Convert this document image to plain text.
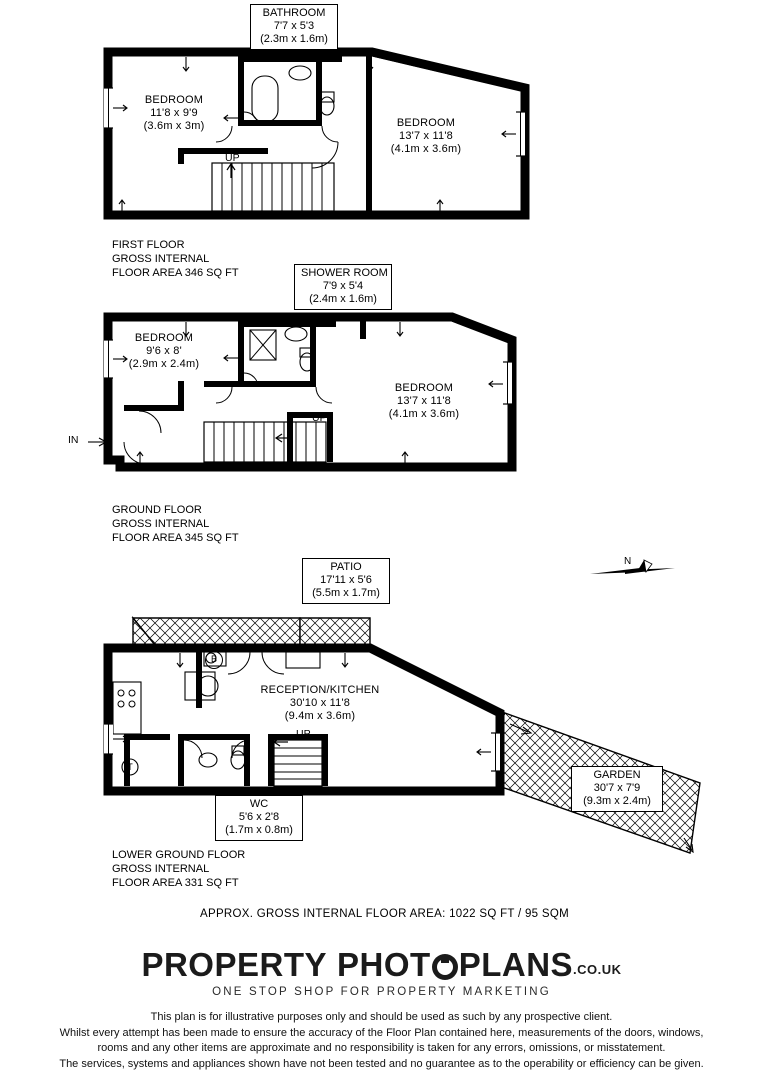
BATHROOM
7'7 x 5'3
(2.3m x 1.6m)
BEDROOM
11'8 x 9'9
(3.6m x 3m)	BEDROOM
13'7 x 11'8
(4.1m x 3.6m)
UP
FIRST FLOOR
GROSS INTERNAL
FLOOR AREA 346 SQ FT	SHOWER ROOM
7'9 x 5'4
(2.4m x 1.6m)
BEDROOM
9'6 x 8'
(2.9m x 2.4m)
BEDROOM
13'7 x 11'8
(4.1m x 3.6m)
UP
IN
GROUND FLOOR
GROSS INTERNAL
FLOOR AREA 345 SQ FT
PATIO
17'11 x 5'6
(5.5m x 1.7m)
RECEPTION/KITCHEN
30'10 x 11'8
(9.4m x 3.6m)
WC
5'6 x 2'8
(1.7m x 0.8m)
GARDEN
30'7 x 7'9
(9.3m x 2.4m)
UP
B
T
N
LOWER GROUND FLOOR
GROSS INTERNAL
FLOOR AREA 331 SQ FT
APPROX. GROSS INTERNAL FLOOR AREA: 1022 SQ FT / 95 SQM
PROPERTY PHOT PLANS.CO.UK
ONE STOP SHOP FOR PROPERTY MARKETING
This plan is for illustrative purposes only and should be used as such by any prospective client.
Whilst every attempt has been made to ensure the accuracy of the Floor Plan contained here, measurements of the doors, windows,
rooms and any other items are approximate and no responsibility is taken for any errors, omissions, or misstatement.
The services, systems and appliances shown have not been tested and no guarantee as to the operability or efficiency can be given.
